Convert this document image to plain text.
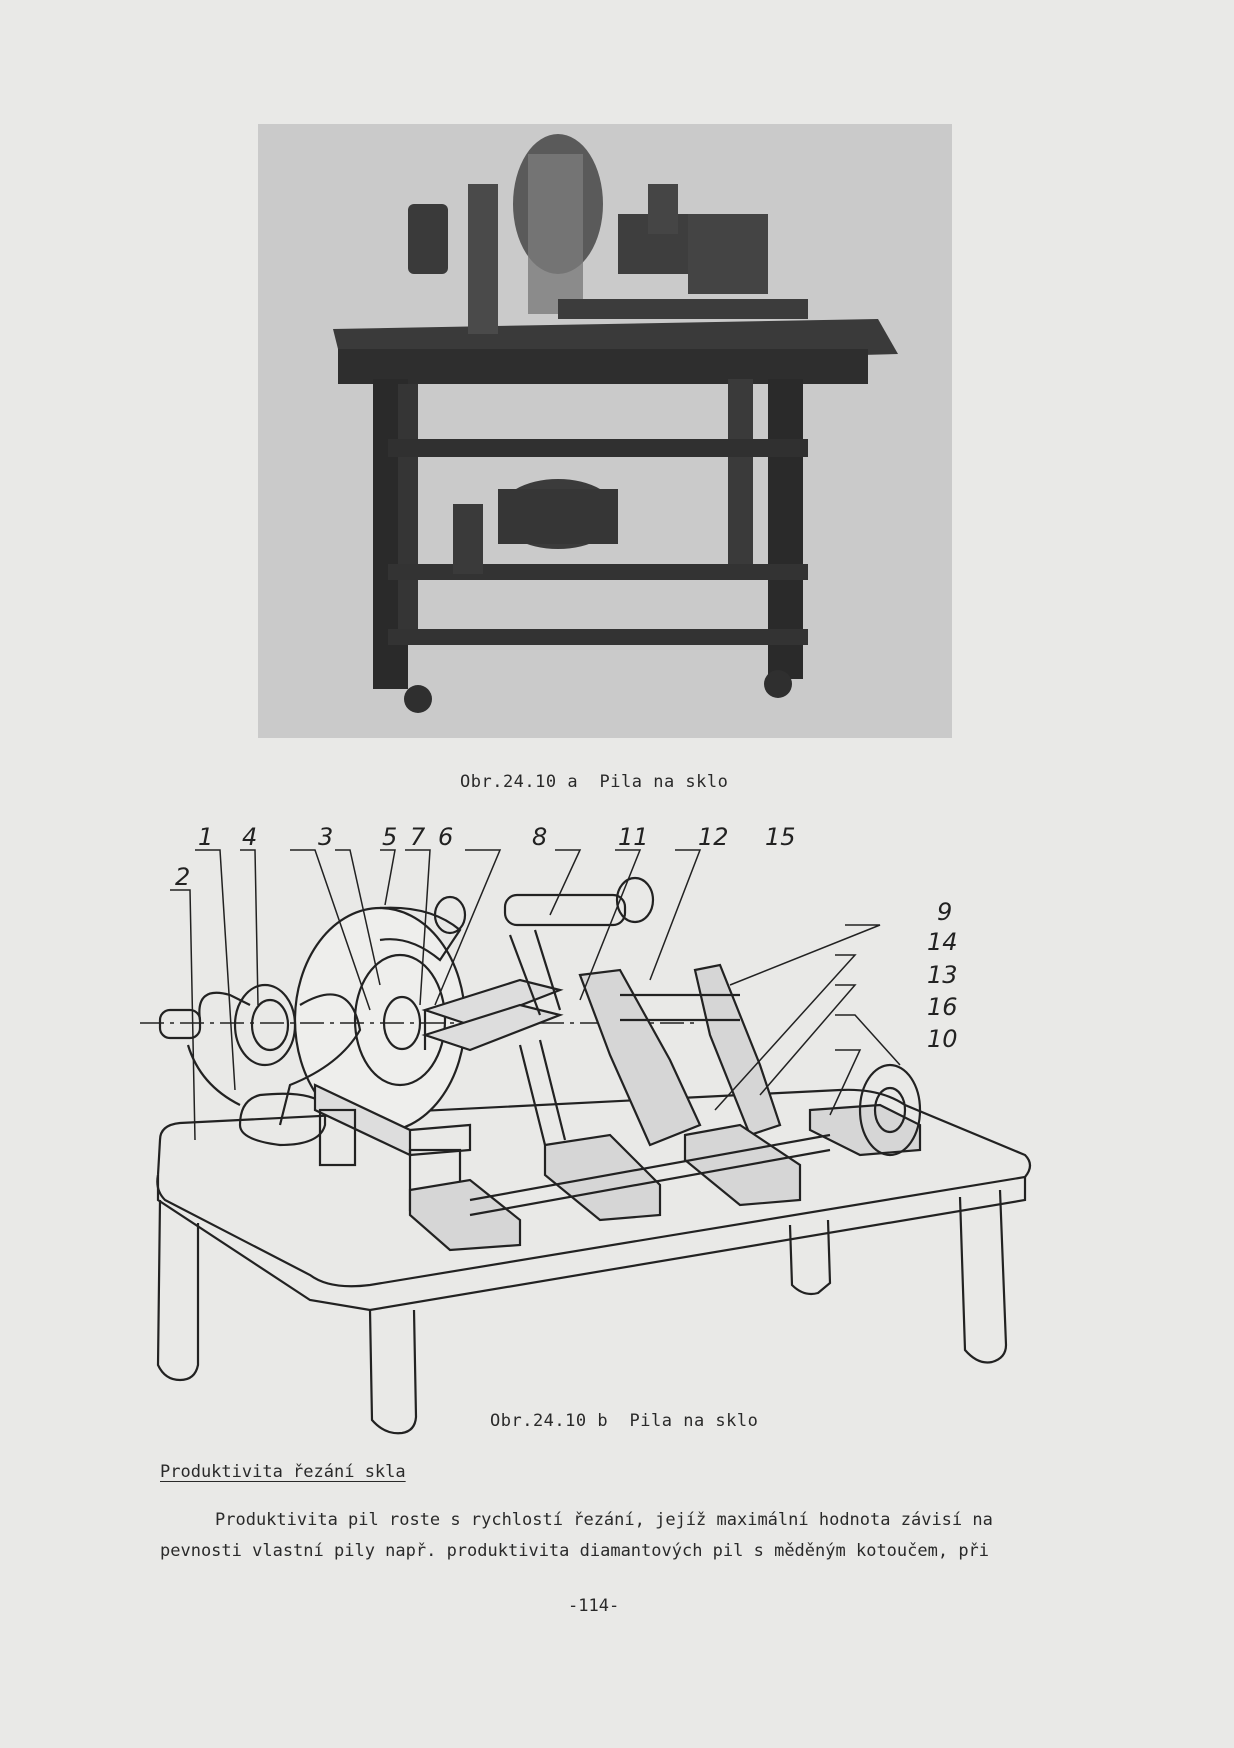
Obr.24.10 a  Pila na sklo
1 4	3 5 7 6	8	11 12 15
2
9
14
13
16
10
Obr.24.10 b  Pila na sklo
Produktivita řezání skla

Produktivita pil roste s rychlostí řezání, jejíž maximální hodnota závisí na
pevnosti vlastní pily např. produktivita diamantových pil s měděným kotoučem, při

-114-
